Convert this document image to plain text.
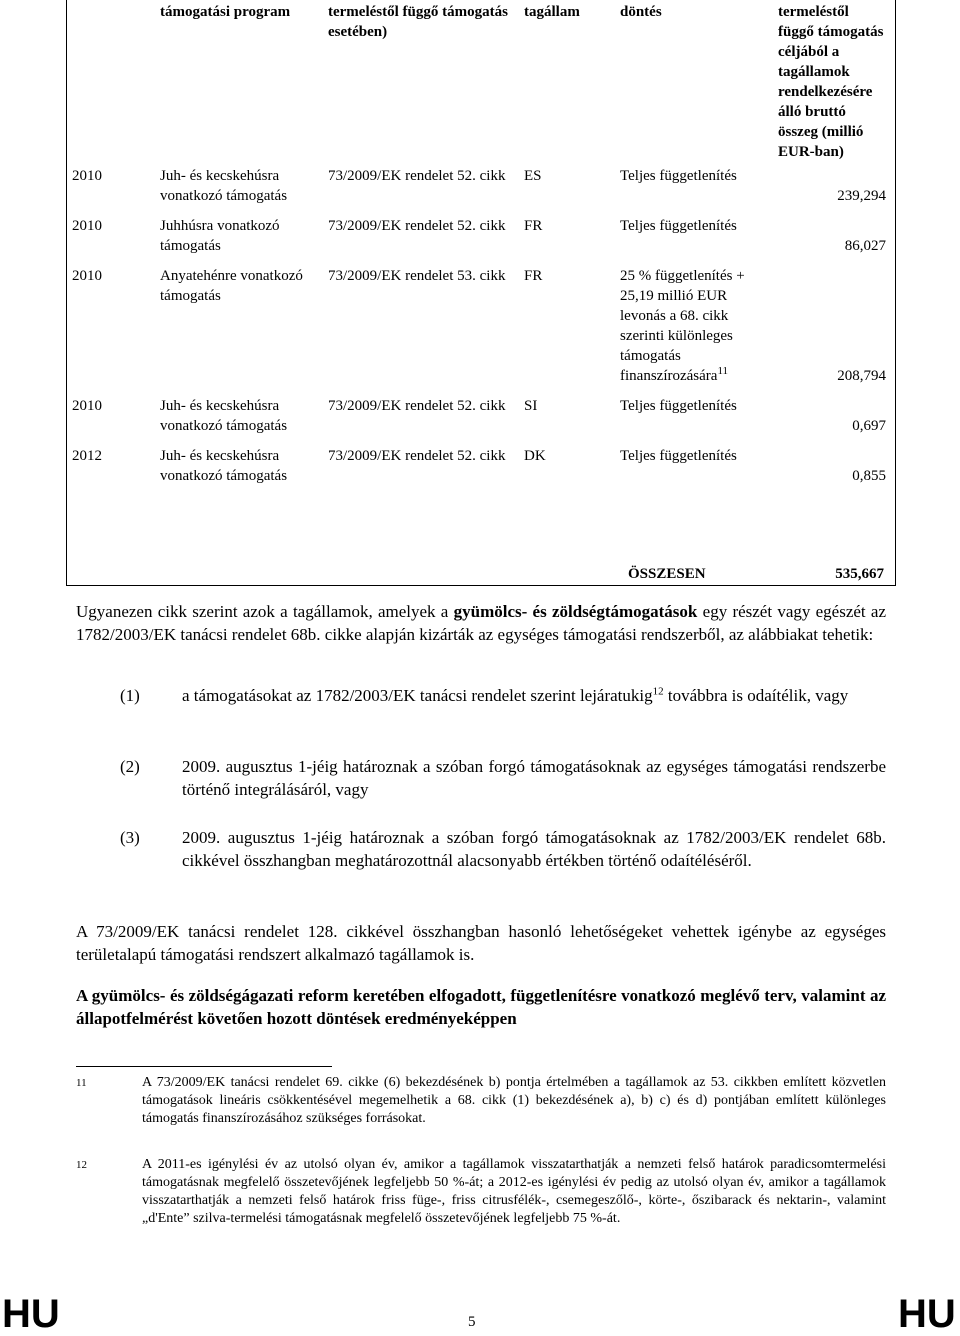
	támogatási program	termeléstől függő támogatás esetében)	tagállam	döntés	termeléstől függő támogatás céljából a tagállamok rendelkezésére álló bruttó összeg (millió EUR-ban)
2010	Juh- és kecskehúsra vonatkozó támogatás	73/2009/EK rendelet 52. cikk	ES	Teljes függetlenítés	239,294
2010	Juhhúsra vonatkozó támogatás	73/2009/EK rendelet 52. cikk	FR	Teljes függetlenítés	86,027
2010	Anyatehénre vonatkozó támogatás	73/2009/EK rendelet 53. cikk	FR	25 % függetlenítés + 25,19 millió EUR levonás a 68. cikk szerinti különleges támogatás finanszírozására$^{11}$	208,794
2010	Juh- és kecskehúsra vonatkozó támogatás	73/2009/EK rendelet 52. cikk	SI	Teljes függetlenítés	0,697
2012	Juh- és kecskehúsra vonatkozó támogatás	73/2009/EK rendelet 52. cikk	DK	Teljes függetlenítés	0,855
ÖSSZESEN	535,667
Ugyanezen cikk szerint azok a tagállamok, amelyek a gyümölcs- és zöldségtámogatások egy részét vagy egészét az 1782/2003/EK tanácsi rendelet 68b. cikke alapján kizárták az egységes támogatási rendszerből, az alábbiakat tehetik:
(1) a támogatásokat az 1782/2003/EK tanácsi rendelet szerint lejáratukig$^{12}$ továbbra is odaítélik, vagy
(2) 2009. augusztus 1-jéig határoznak a szóban forgó támogatásoknak az egységes támogatási rendszerbe történő integrálásáról, vagy
(3) 2009. augusztus 1-jéig határoznak a szóban forgó támogatásoknak az 1782/2003/EK rendelet 68b. cikkével összhangban meghatározottnál alacsonyabb értékben történő odaítéléséről.
A 73/2009/EK tanácsi rendelet 128. cikkével összhangban hasonló lehetőségeket vehettek igénybe az egységes területalapú támogatási rendszert alkalmazó tagállamok is.
A gyümölcs- és zöldségágazati reform keretében elfogadott, függetlenítésre vonatkozó meglévő terv, valamint az állapotfelmérést követően hozott döntések eredményeképpen
11	A 73/2009/EK tanácsi rendelet 69. cikke (6) bekezdésének b) pontja értelmében a tagállamok az 53. cikkben említett közvetlen támogatások lineáris csökkentésével megemelhetik a 68. cikk (1) bekezdésének a), b) c) és d) pontjában említett különleges támogatás finanszírozásához szükséges forrásokat.
12	A 2011-es igénylési év az utolsó olyan év, amikor a tagállamok visszatarthatják a nemzeti felső határok paradicsomtermelési támogatásnak megfelelő összetevőjének legfeljebb 50 %-át; a 2012-es igénylési év pedig az utolsó olyan év, amikor a tagállamok visszatarthatják a nemzeti felső határok friss füge-, friss citrusfélék-, csemegeszőlő-, körte-, őszibarack és nektarin-, valamint „d'Ente” szilva-termelési támogatásnak megfelelő összetevőjének legfeljebb 75 %-át.
HU	5	HU
